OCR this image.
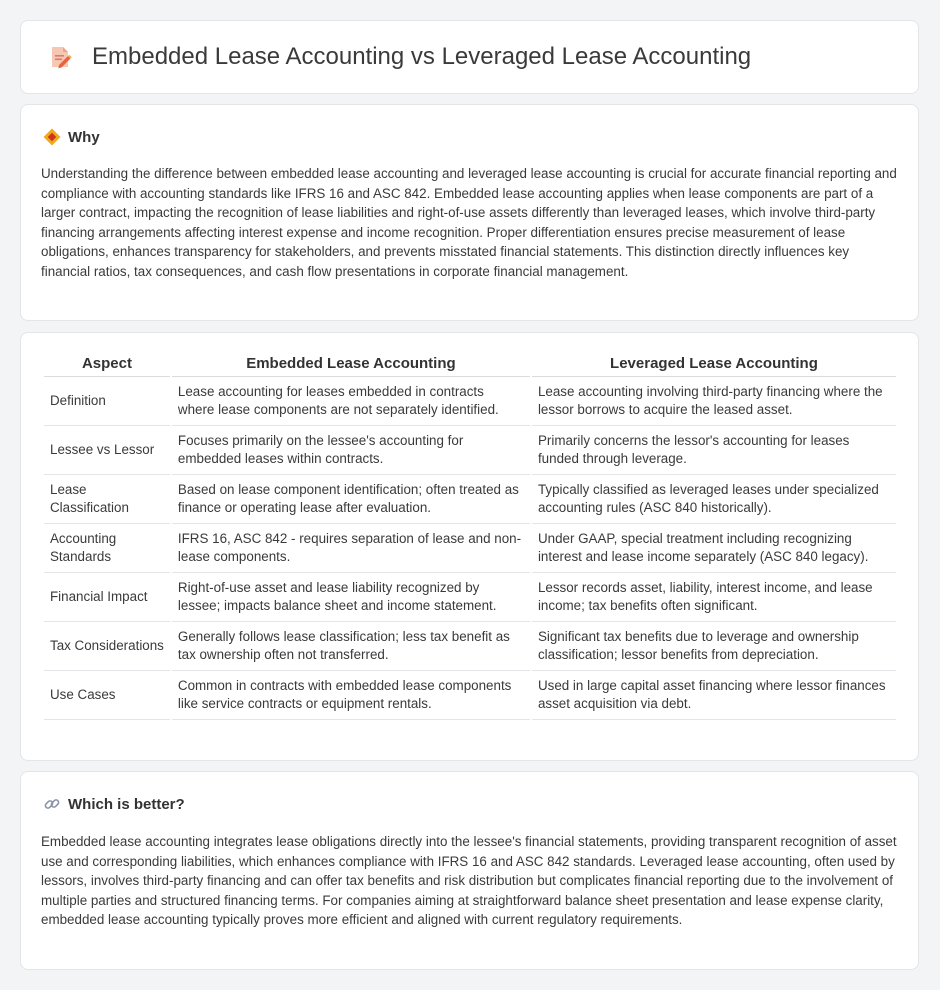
Embedded Lease Accounting vs Leveraged Lease Accounting
Why

Understanding the difference between embedded lease accounting and leveraged lease accounting is crucial for accurate financial reporting and compliance with accounting standards like IFRS 16 and ASC 842. Embedded lease accounting applies when lease components are part of a larger contract, impacting the recognition of lease liabilities and right-of-use assets differently than leveraged leases, which involve third-party financing arrangements affecting interest expense and income recognition. Proper differentiation ensures precise measurement of lease obligations, enhances transparency for stakeholders, and prevents misstated financial statements. This distinction directly influences key financial ratios, tax consequences, and cash flow presentations in corporate financial management.

Aspect	Embedded Lease Accounting	Leveraged Lease Accounting
Definition	Lease accounting for leases embedded in contracts where lease components are not separately identified.	Lease accounting involving third-party financing where the lessor borrows to acquire the leased asset.
Lessee vs Lessor	Focuses primarily on the lessee's accounting for embedded leases within contracts.	Primarily concerns the lessor's accounting for leases funded through leverage.
Lease Classification	Based on lease component identification; often treated as finance or operating lease after evaluation.	Typically classified as leveraged leases under specialized accounting rules (ASC 840 historically).
Accounting Standards	IFRS 16, ASC 842 - requires separation of lease and non-lease components.	Under GAAP, special treatment including recognizing interest and lease income separately (ASC 840 legacy).
Financial Impact	Right-of-use asset and lease liability recognized by lessee; impacts balance sheet and income statement.	Lessor records asset, liability, interest income, and lease income; tax benefits often significant.
Tax Considerations	Generally follows lease classification; less tax benefit as tax ownership often not transferred.	Significant tax benefits due to leverage and ownership classification; lessor benefits from depreciation.
Use Cases	Common in contracts with embedded lease components like service contracts or equipment rentals.	Used in large capital asset financing where lessor finances asset acquisition via debt.
Which is better?

Embedded lease accounting integrates lease obligations directly into the lessee's financial statements, providing transparent recognition of asset use and corresponding liabilities, which enhances compliance with IFRS 16 and ASC 842 standards. Leveraged lease accounting, often used by lessors, involves third-party financing and can offer tax benefits and risk distribution but complicates financial reporting due to the involvement of multiple parties and structured financing terms. For companies aiming at straightforward balance sheet presentation and lease expense clarity, embedded lease accounting typically proves more efficient and aligned with current regulatory requirements.
